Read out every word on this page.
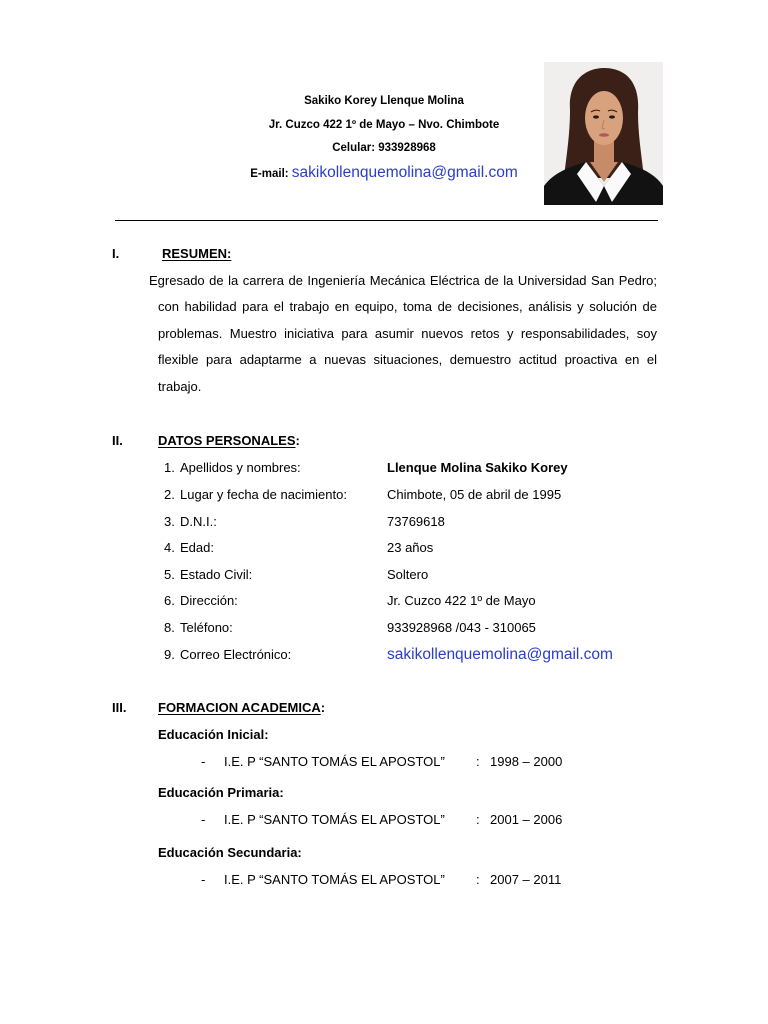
Sakiko Korey Llenque Molina
Jr. Cuzco 422 1º de Mayo – Nvo. Chimbote
Celular: 933928968
E-mail: sakikollenquemolina@gmail.com
I.	RESUMEN:
Egresado de la carrera de Ingeniería Mecánica Eléctrica de la Universidad San Pedro;
con habilidad para el trabajo en equipo, toma de decisiones, análisis y solución de
problemas. Muestro iniciativa para asumir nuevos retos y responsabilidades, soy
flexible para adaptarme a nuevas situaciones, demuestro actitud proactiva en el
trabajo.
II.	DATOS PERSONALES:
1. Apellidos y nombres:	Llenque Molina Sakiko Korey
2. Lugar y fecha de nacimiento:	Chimbote, 05 de abril de 1995
3. D.N.I.:	73769618
4. Edad:	23 años
5. Estado Civil:	Soltero
6. Dirección:	Jr. Cuzco 422 1º de Mayo
8. Teléfono:	933928968 /043 - 310065
9. Correo Electrónico:	sakikollenquemolina@gmail.com
III. FORMACION ACADEMICA:
Educación Inicial:
- I.E. P “SANTO TOMÁS EL APOSTOL” : 1998 – 2000
Educación Primaria:
- I.E. P “SANTO TOMÁS EL APOSTOL” : 2001 – 2006
Educación Secundaria:
- I.E. P “SANTO TOMÁS EL APOSTOL” : 2007 – 2011
